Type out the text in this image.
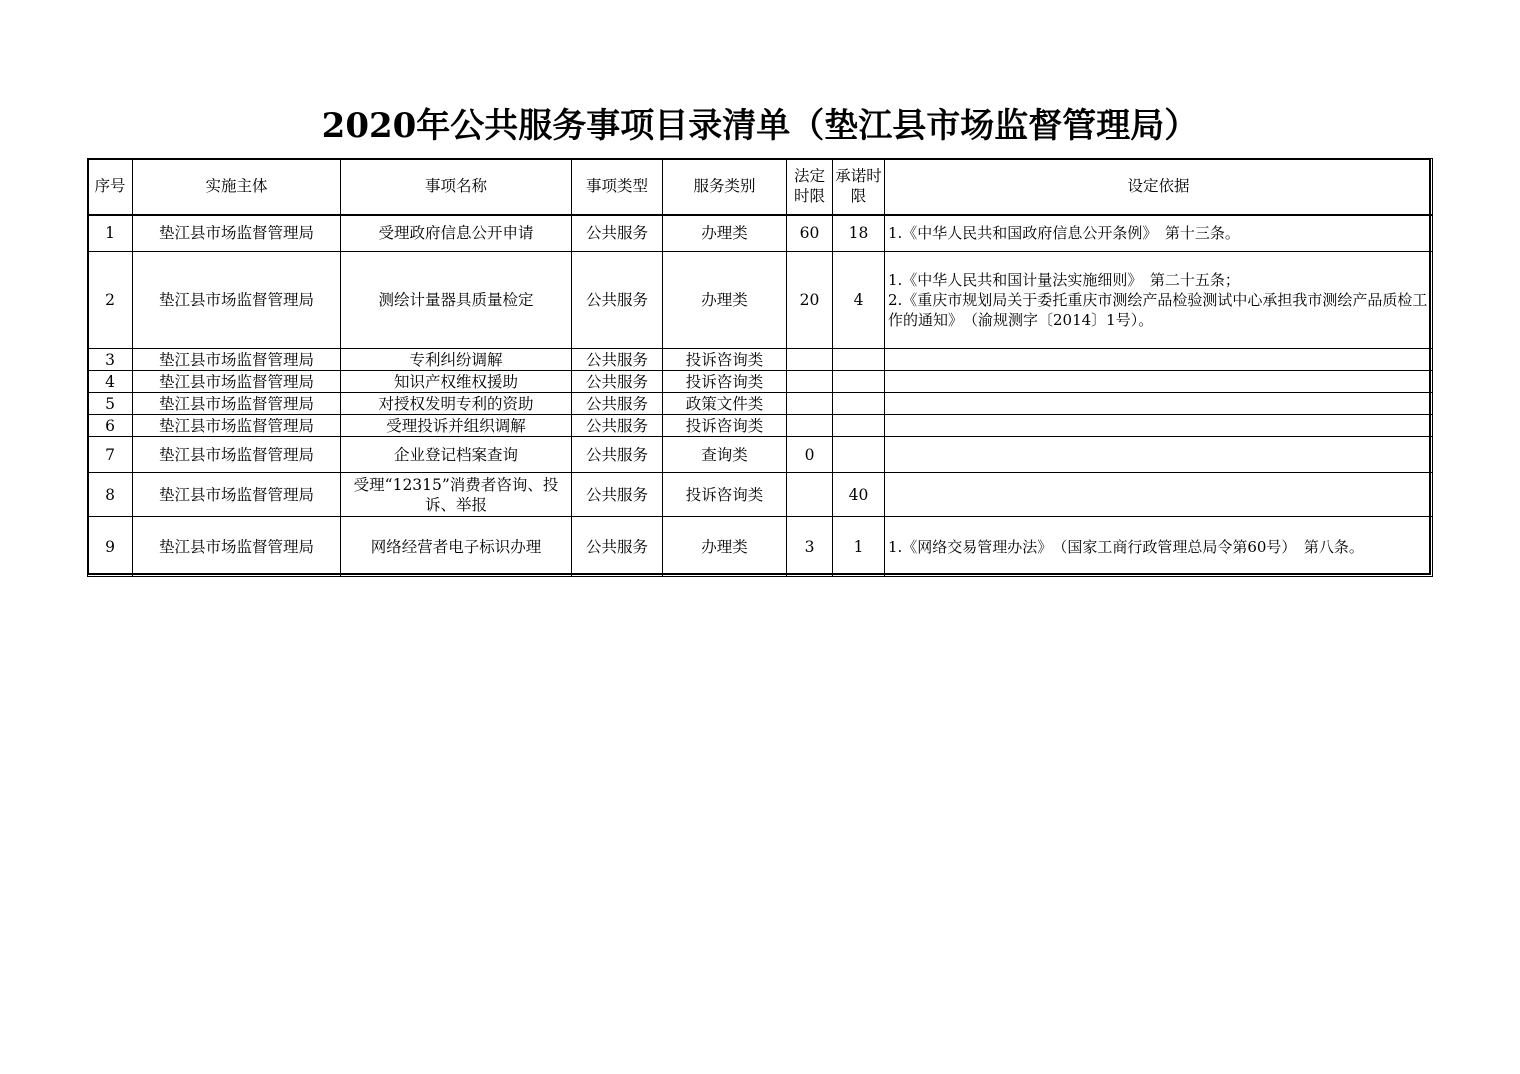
2020年公共服务事项目录清单（垫江县市场监督管理局）
序号	实施主体	事项名称	事项类型	服务类别	法定时限	承诺时限	设定依据
1	垫江县市场监督管理局	受理政府信息公开申请	公共服务	办理类	60	18	1.《中华人民共和国政府信息公开条例》　第十三条。

2	垫江县市场监督管理局	测绘计量器具质量检定	公共服务	办理类	20	4	1.《中华人民共和国计量法实施细则》　第二十五条；
2.《重庆市规划局关于委托重庆市测绘产品检验测试中心承担我市测绘产品质检工作的通知》　（渝规测字〔2014〕1号）。

3	垫江县市场监督管理局	专利纠纷调解	公共服务	投诉咨询类			

4	垫江县市场监督管理局	知识产权维权援助	公共服务	投诉咨询类			

5	垫江县市场监督管理局	对授权发明专利的资助	公共服务	政策文件类			

6	垫江县市场监督管理局	受理投诉并组织调解	公共服务	投诉咨询类			

7	垫江县市场监督管理局	企业登记档案查询	公共服务	查询类	0		

8	垫江县市场监督管理局	受理“12315”消费者咨询、投诉、举报	公共服务	投诉咨询类		40	

9	垫江县市场监督管理局	网络经营者电子标识办理	公共服务	办理类	3	1	1.《网络交易管理办法》　（国家工商行政管理总局令第60号）　第八条。
